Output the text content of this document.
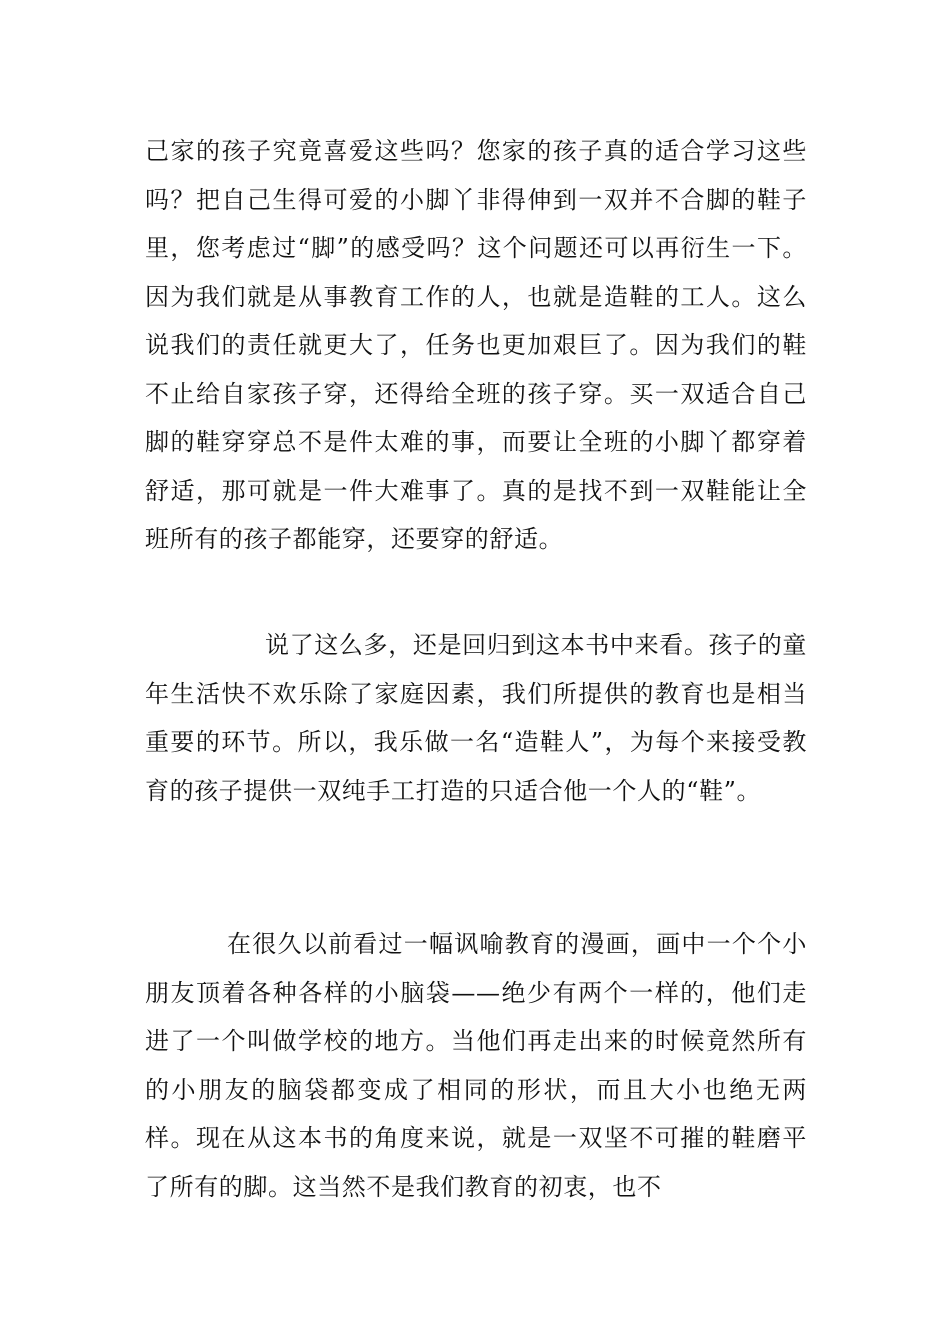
己家的孩子究竟喜爱这些吗？您家的孩子真的适合学习这些吗？把自己生得可爱的小脚丫非得伸到一双并不合脚的鞋子里，您考虑过“脚”的感受吗？这个问题还可以再衍生一下。因为我们就是从事教育工作的人，也就是造鞋的工人。这么说我们的责任就更大了，任务也更加艰巨了。因为我们的鞋不止给自家孩子穿，还得给全班的孩子穿。买一双适合自己脚的鞋穿穿总不是件太难的事，而要让全班的小脚丫都穿着舒适，那可就是一件大难事了。真的是找不到一双鞋能让全班所有的孩子都能穿，还要穿的舒适。

说了这么多，还是回归到这本书中来看。孩子的童年生活快不欢乐除了家庭因素，我们所提供的教育也是相当重要的环节。所以，我乐做一名“造鞋人”，为每个来接受教育的孩子提供一双纯手工打造的只适合他一个人的“鞋”。

在很久以前看过一幅讽喻教育的漫画，画中一个个小朋友顶着各种各样的小脑袋——绝少有两个一样的，他们走进了一个叫做学校的地方。当他们再走出来的时候竟然所有的小朋友的脑袋都变成了相同的形状，而且大小也绝无两样。现在从这本书的角度来说，就是一双坚不可摧的鞋磨平了所有的脚。这当然不是我们教育的初衷，也不
